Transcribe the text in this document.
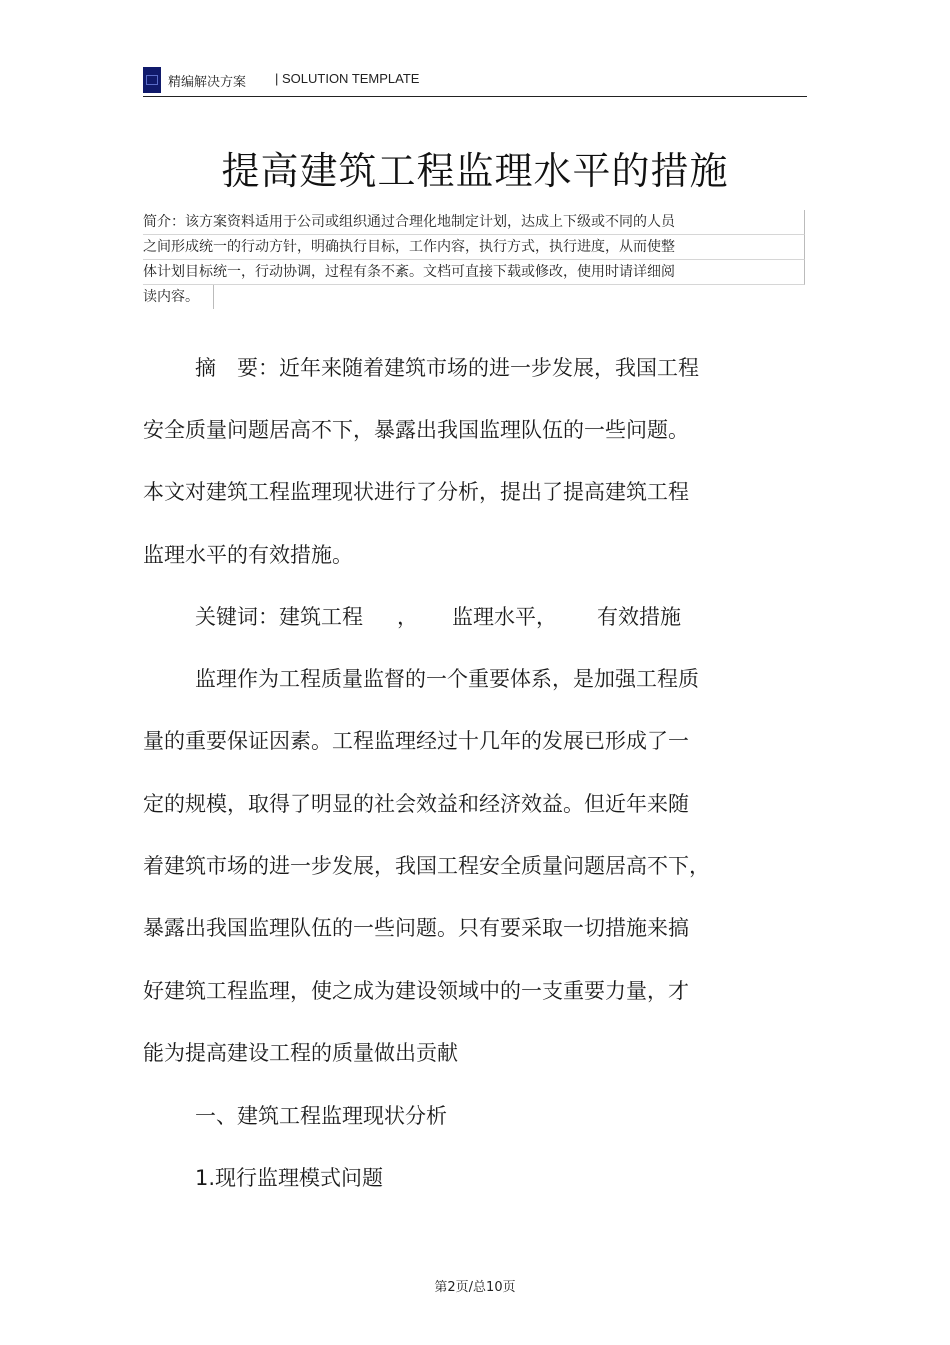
精编解决方案 | SOLUTION TEMPLATE
提高建筑工程监理水平的措施
简介：该方案资料适用于公司或组织通过合理化地制定计划，达成上下级或不同的人员
之间形成统一的行动方针，明确执行目标，工作内容，执行方式，执行进度，从而使整
体计划目标统一，行动协调，过程有条不紊。文档可直接下载或修改，使用时请详细阅
读内容。
摘　要：近年来随着建筑市场的进一步发展，我国工程
安全质量问题居高不下，暴露出我国监理队伍的一些问题。
本文对建筑工程监理现状进行了分析，提出了提高建筑工程
监理水平的有效措施。
关键词：建筑工程 ， 监理水平， 有效措施
监理作为工程质量监督的一个重要体系，是加强工程质
量的重要保证因素。工程监理经过十几年的发展已形成了一
定的规模，取得了明显的社会效益和经济效益。但近年来随
着建筑市场的进一步发展，我国工程安全质量问题居高不下，
暴露出我国监理队伍的一些问题。只有要采取一切措施来搞
好建筑工程监理，使之成为建设领域中的一支重要力量，才
能为提高建设工程的质量做出贡献
一、建筑工程监理现状分析
1.现行监理模式问题
第2页/总10页
